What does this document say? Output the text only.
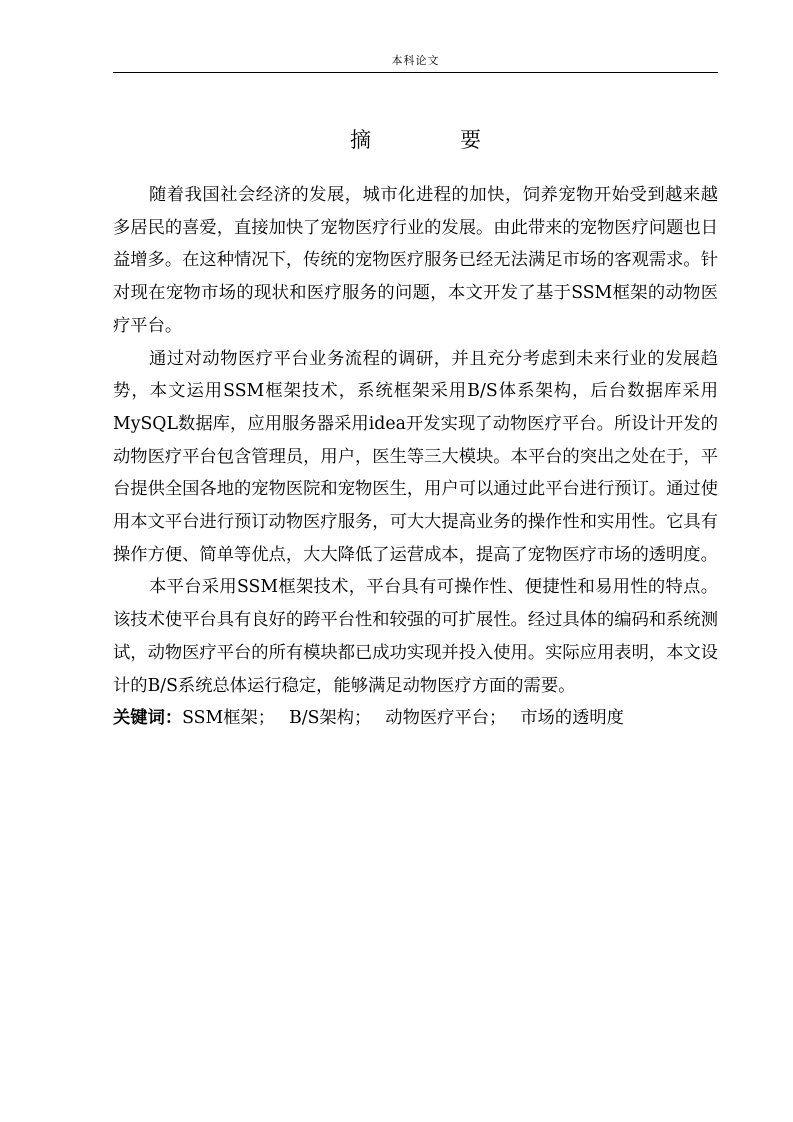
本科论文
摘　要

随着我国社会经济的发展，城市化进程的加快，饲养宠物开始受到越来越多居民的喜爱，直接加快了宠物医疗行业的发展。由此带来的宠物医疗问题也日益增多。在这种情况下，传统的宠物医疗服务已经无法满足市场的客观需求。针对现在宠物市场的现状和医疗服务的问题，本文开发了基于SSM框架的动物医疗平台。

通过对动物医疗平台业务流程的调研，并且充分考虑到未来行业的发展趋势，本文运用SSM框架技术，系统框架采用B/S体系架构，后台数据库采用MySQL数据库，应用服务器采用idea开发实现了动物医疗平台。所设计开发的动物医疗平台包含管理员，用户，医生等三大模块。本平台的突出之处在于，平台提供全国各地的宠物医院和宠物医生，用户可以通过此平台进行预订。通过使用本文平台进行预订动物医疗服务，可大大提高业务的操作性和实用性。它具有操作方便、简单等优点，大大降低了运营成本，提高了宠物医疗市场的透明度。

本平台采用SSM框架技术，平台具有可操作性、便捷性和易用性的特点。该技术使平台具有良好的跨平台性和较强的可扩展性。经过具体的编码和系统测试，动物医疗平台的所有模块都已成功实现并投入使用。实际应用表明，本文设计的B/S系统总体运行稳定，能够满足动物医疗方面的需要。

关键词：SSM框架； B/S架构； 动物医疗平台； 市场的透明度
